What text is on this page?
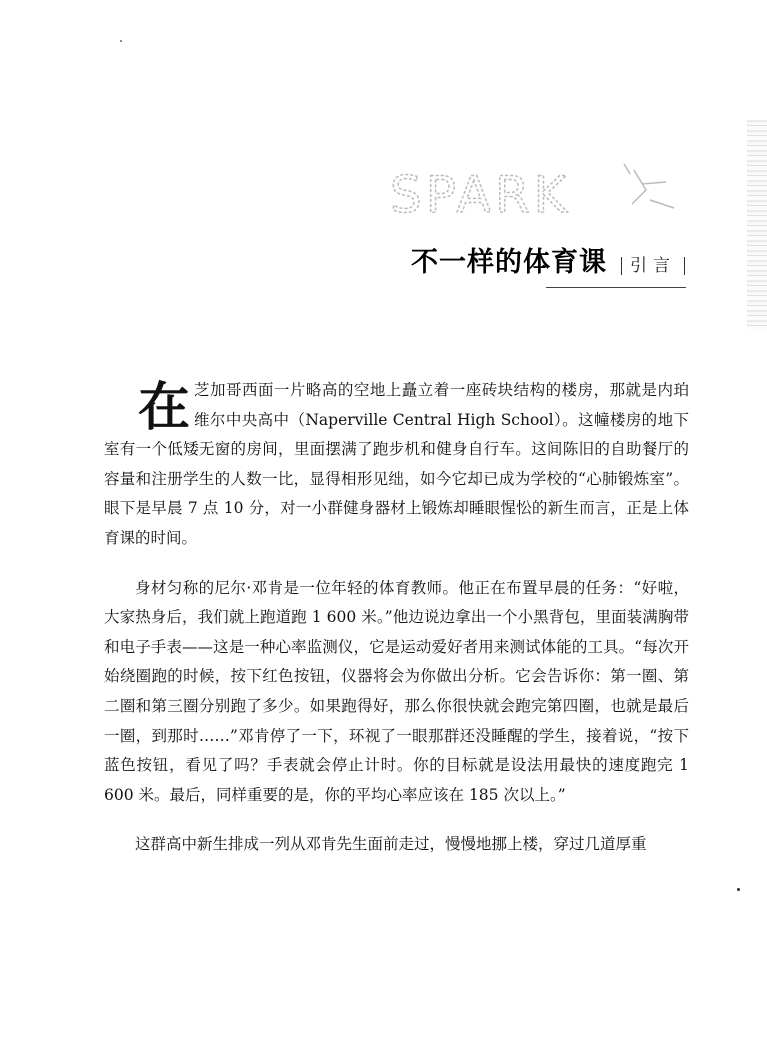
SPARK
不一样的体育课	引言

在芝加哥西面一片略高的空地上矗立着一座砖块结构的楼房，那就是内珀维尔中央高中（Naperville Central High School）。这幢楼房的地下室有一个低矮无窗的房间，里面摆满了跑步机和健身自行车。这间陈旧的自助餐厅的容量和注册学生的人数一比，显得相形见绌，如今它却已成为学校的“心肺锻炼室”。眼下是早晨 7 点 10 分，对一小群健身器材上锻炼却睡眼惺忪的新生而言，正是上体育课的时间。

身材匀称的尼尔·邓肯是一位年轻的体育教师。他正在布置早晨的任务：“好啦，大家热身后，我们就上跑道跑 1 600 米。”他边说边拿出一个小黑背包，里面装满胸带和电子手表——这是一种心率监测仪，它是运动爱好者用来测试体能的工具。“每次开始绕圈跑的时候，按下红色按钮，仪器将会为你做出分析。它会告诉你：第一圈、第二圈和第三圈分别跑了多少。如果跑得好，那么你很快就会跑完第四圈，也就是最后一圈，到那时……”邓肯停了一下，环视了一眼那群还没睡醒的学生，接着说，“按下蓝色按钮，看见了吗？手表就会停止计时。你的目标就是设法用最快的速度跑完 1 600 米。最后，同样重要的是，你的平均心率应该在 185 次以上。”

这群高中新生排成一列从邓肯先生面前走过，慢慢地挪上楼，穿过几道厚重
